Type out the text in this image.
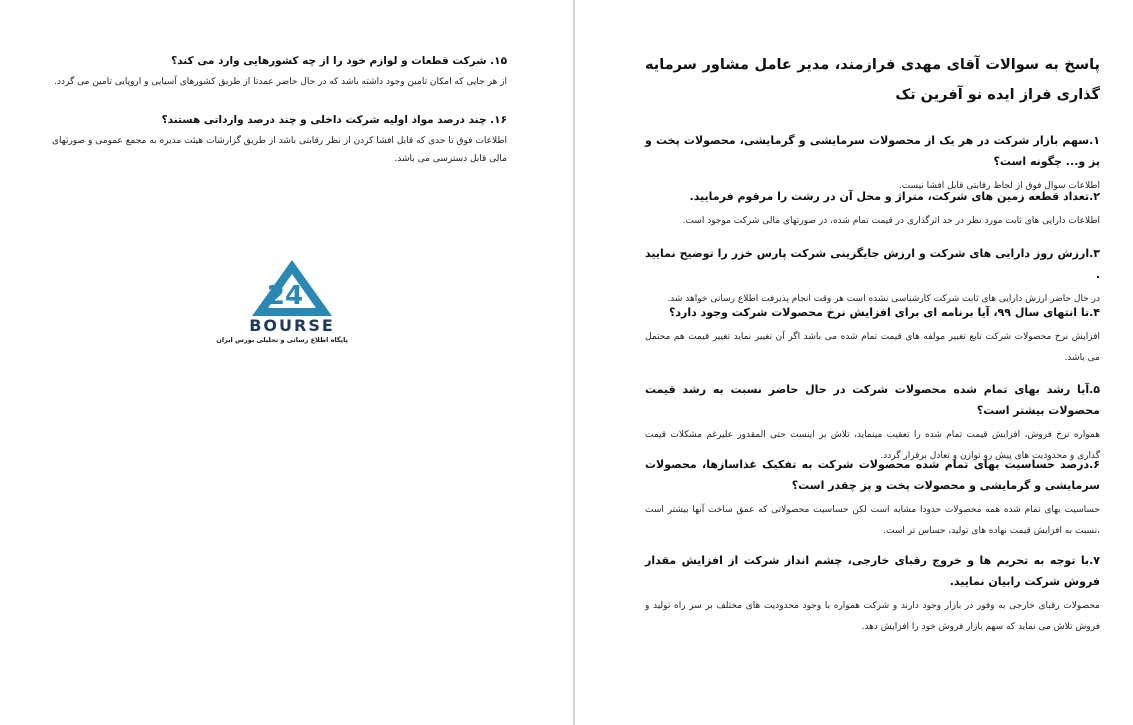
۱۵. شرکت قطعات و لوازم خود را از چه کشورهایی وارد می کند؟

از هر جایی که امکان تامین وجود داشته باشد که در حال حاضر عمدتا از طریق کشورهای آسیایی و اروپایی تامین می گردد.

۱۶. چند درصد مواد اولیه شرکت داخلی و چند درصد وارداتی هستند؟

اطلاعات فوق تا حدی که قابل افشا کردن از نظر رقابتی باشد از طریق گزارشات هیئت مدیره به مجمع عمومی و صورتهای مالی قابل دسترسی می باشد.

24
BOURSE
پایگاه اطلاع رسانی و تحلیلی بورس ایران
پاسخ به سوالات آقای مهدی فرازمند، مدیر عامل مشاور سرمایه گذاری فراز ایده نو آفرین تک

۱.سهم بازار شرکت در هر یک از محصولات سرمایشی و گرمایشی، محصولات پخت و پز و... چگونه است؟

اطلاعات سوال فوق از لحاظ رقابتی قابل افشا نیست.

۲.تعداد قطعه زمین های شرکت، متراژ و محل آن در رشت را مرقوم فرمایید.

اطلاعات دارایی های ثابت مورد نظر در حد اثرگذاری در قیمت تمام شده، در صورتهای مالی شرکت موجود است.

۳.ارزش روز دارایی های شرکت و ارزش جایگزینی شرکت پارس خزر را توضیح نمایید .

در حال حاضر ارزش دارایی های ثابت شرکت کارشناسی نشده است هر وقت انجام پذیرفت اطلاع رسانی خواهد شد.

۴.تا انتهای سال ۹۹، آیا برنامه ای برای افزایش نرخ محصولات شرکت وجود دارد؟

افزایش نرخ محصولات شرکت تابع تغییر مولفه های قیمت تمام شده می باشد اگر آن تغییر نماید تغییر قیمت هم محتمل می باشد.

۵.آیا رشد بهای تمام شده محصولات شرکت در حال حاضر نسبت به رشد قیمت محصولات بیشتر است؟

همواره نرخ فروش، افزایش قیمت تمام شده را تعقیب مینماید، تلاش بر اینست حتی المقدور علیرغم مشکلات قیمت گذاری و محدودیت های پیش رو توازن و تعادل برقرار گردد.

۶.درصد حساسیت بهای تمام شده محصولات شرکت به تفکیک غذاسازها، محصولات سرمایشی و گرمایشی و محصولات پخت و پز چقدر است؟

حساسیت بهای تمام شده همه محصولات حدودا مشابه است لکن حساسیت محصولاتی که عمق ساخت آنها بیشتر است ،نسبت به افزایش قیمت نهاده های تولید، حساس تر است.

۷.با توجه به تحریم ها و خروج رقبای خارجی، چشم انداز شرکت از افزایش مقدار فروش شرکت رابیان نمایید.

محصولات رقبای خارجی به وفور در بازار وجود دارند و شرکت همواره با وجود محدودیت های مختلف بر سر راه تولید و فروش تلاش می نماید که سهم بازار فروش خود را افزایش دهد.
